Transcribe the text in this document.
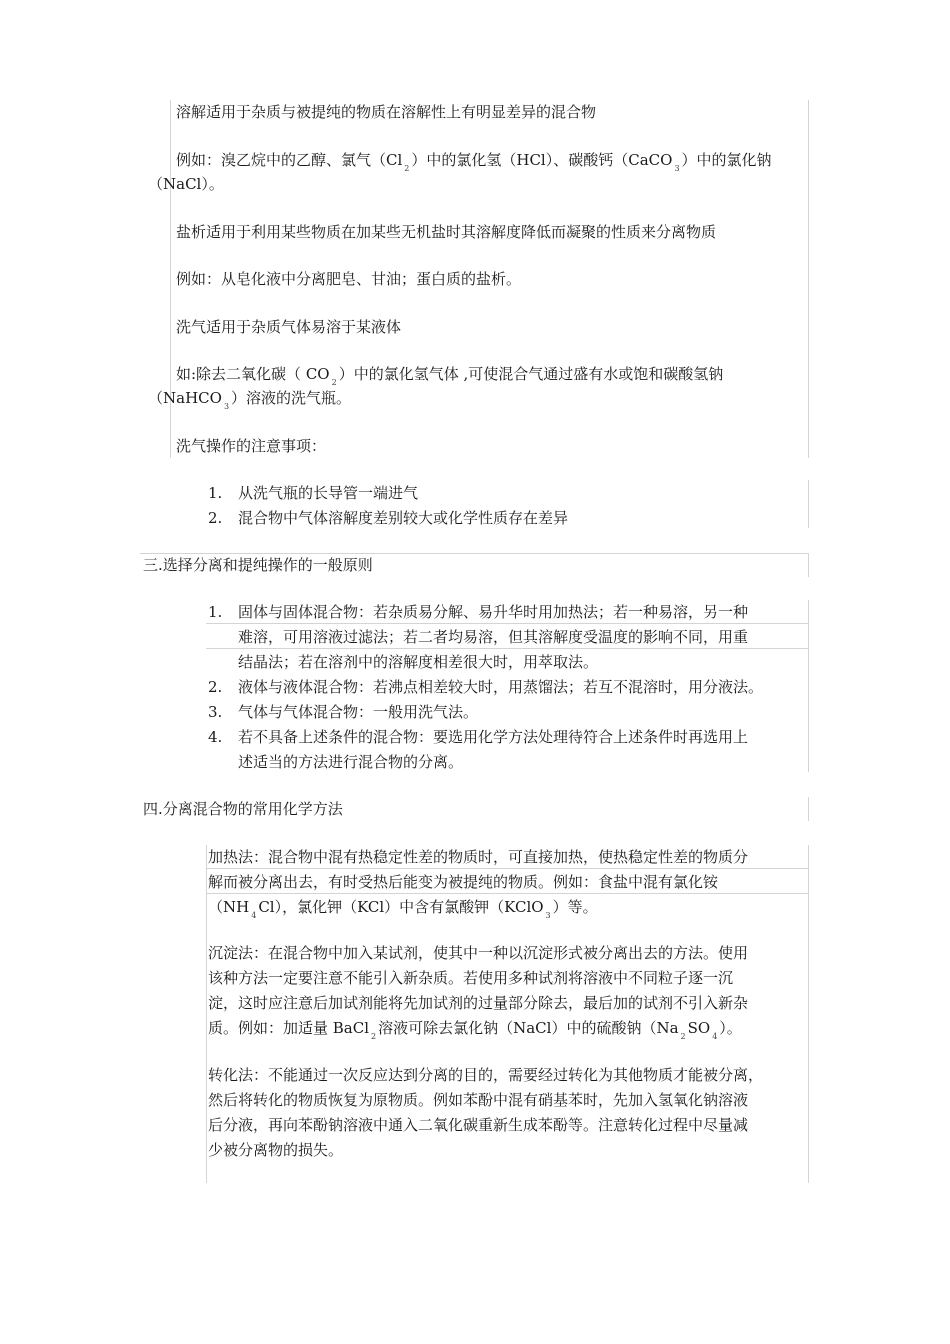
溶解适用于杂质与被提纯的物质在溶解性上有明显差异的混合物
例如：溴乙烷中的乙醇、氯气（Cl $_2$ ）中的氯化氢（HCl）、碳酸钙（CaCO $_3$ ）中的氯化钠
（NaCl）。
盐析适用于利用某些物质在加某些无机盐时其溶解度降低而凝聚的性质来分离物质
例如：从皂化液中分离肥皂、甘油；蛋白质的盐析。
洗气适用于杂质气体易溶于某液体
如:除去二氧化碳（ CO $_2$ ）中的氯化氢气体 ,可使混合气通过盛有水或饱和碳酸氢钠
（NaHCO $_3$ ）溶液的洗气瓶。
洗气操作的注意事项：
1. 从洗气瓶的长导管一端进气
2. 混合物中气体溶解度差别较大或化学性质存在差异
三.选择分离和提纯操作的一般原则
1. 固体与固体混合物：若杂质易分解、易升华时用加热法；若一种易溶，另一种
难溶，可用溶液过滤法；若二者均易溶，但其溶解度受温度的影响不同，用重
结晶法；若在溶剂中的溶解度相差很大时，用萃取法。
2. 液体与液体混合物：若沸点相差较大时，用蒸馏法；若互不混溶时，用分液法。
3. 气体与气体混合物：一般用洗气法。
4. 若不具备上述条件的混合物：要选用化学方法处理待符合上述条件时再选用上
述适当的方法进行混合物的分离。
四.分离混合物的常用化学方法
加热法：混合物中混有热稳定性差的物质时，可直接加热，使热稳定性差的物质分
解而被分离出去，有时受热后能变为被提纯的物质。例如：食盐中混有氯化铵
（NH $_4$ Cl），氯化钾（KCl）中含有氯酸钾（KClO $_3$ ）等。
沉淀法：在混合物中加入某试剂，使其中一种以沉淀形式被分离出去的方法。使用
该种方法一定要注意不能引入新杂质。若使用多种试剂将溶液中不同粒子逐一沉
淀，这时应注意后加试剂能将先加试剂的过量部分除去，最后加的试剂不引入新杂
质。例如：加适量 BaCl $_2$ 溶液可除去氯化钠（NaCl）中的硫酸钠（Na $_2$ SO $_4$ ）。
转化法：不能通过一次反应达到分离的目的，需要经过转化为其他物质才能被分离，
然后将转化的物质恢复为原物质。例如苯酚中混有硝基苯时，先加入氢氧化钠溶液
后分液，再向苯酚钠溶液中通入二氧化碳重新生成苯酚等。注意转化过程中尽量减
少被分离物的损失。
